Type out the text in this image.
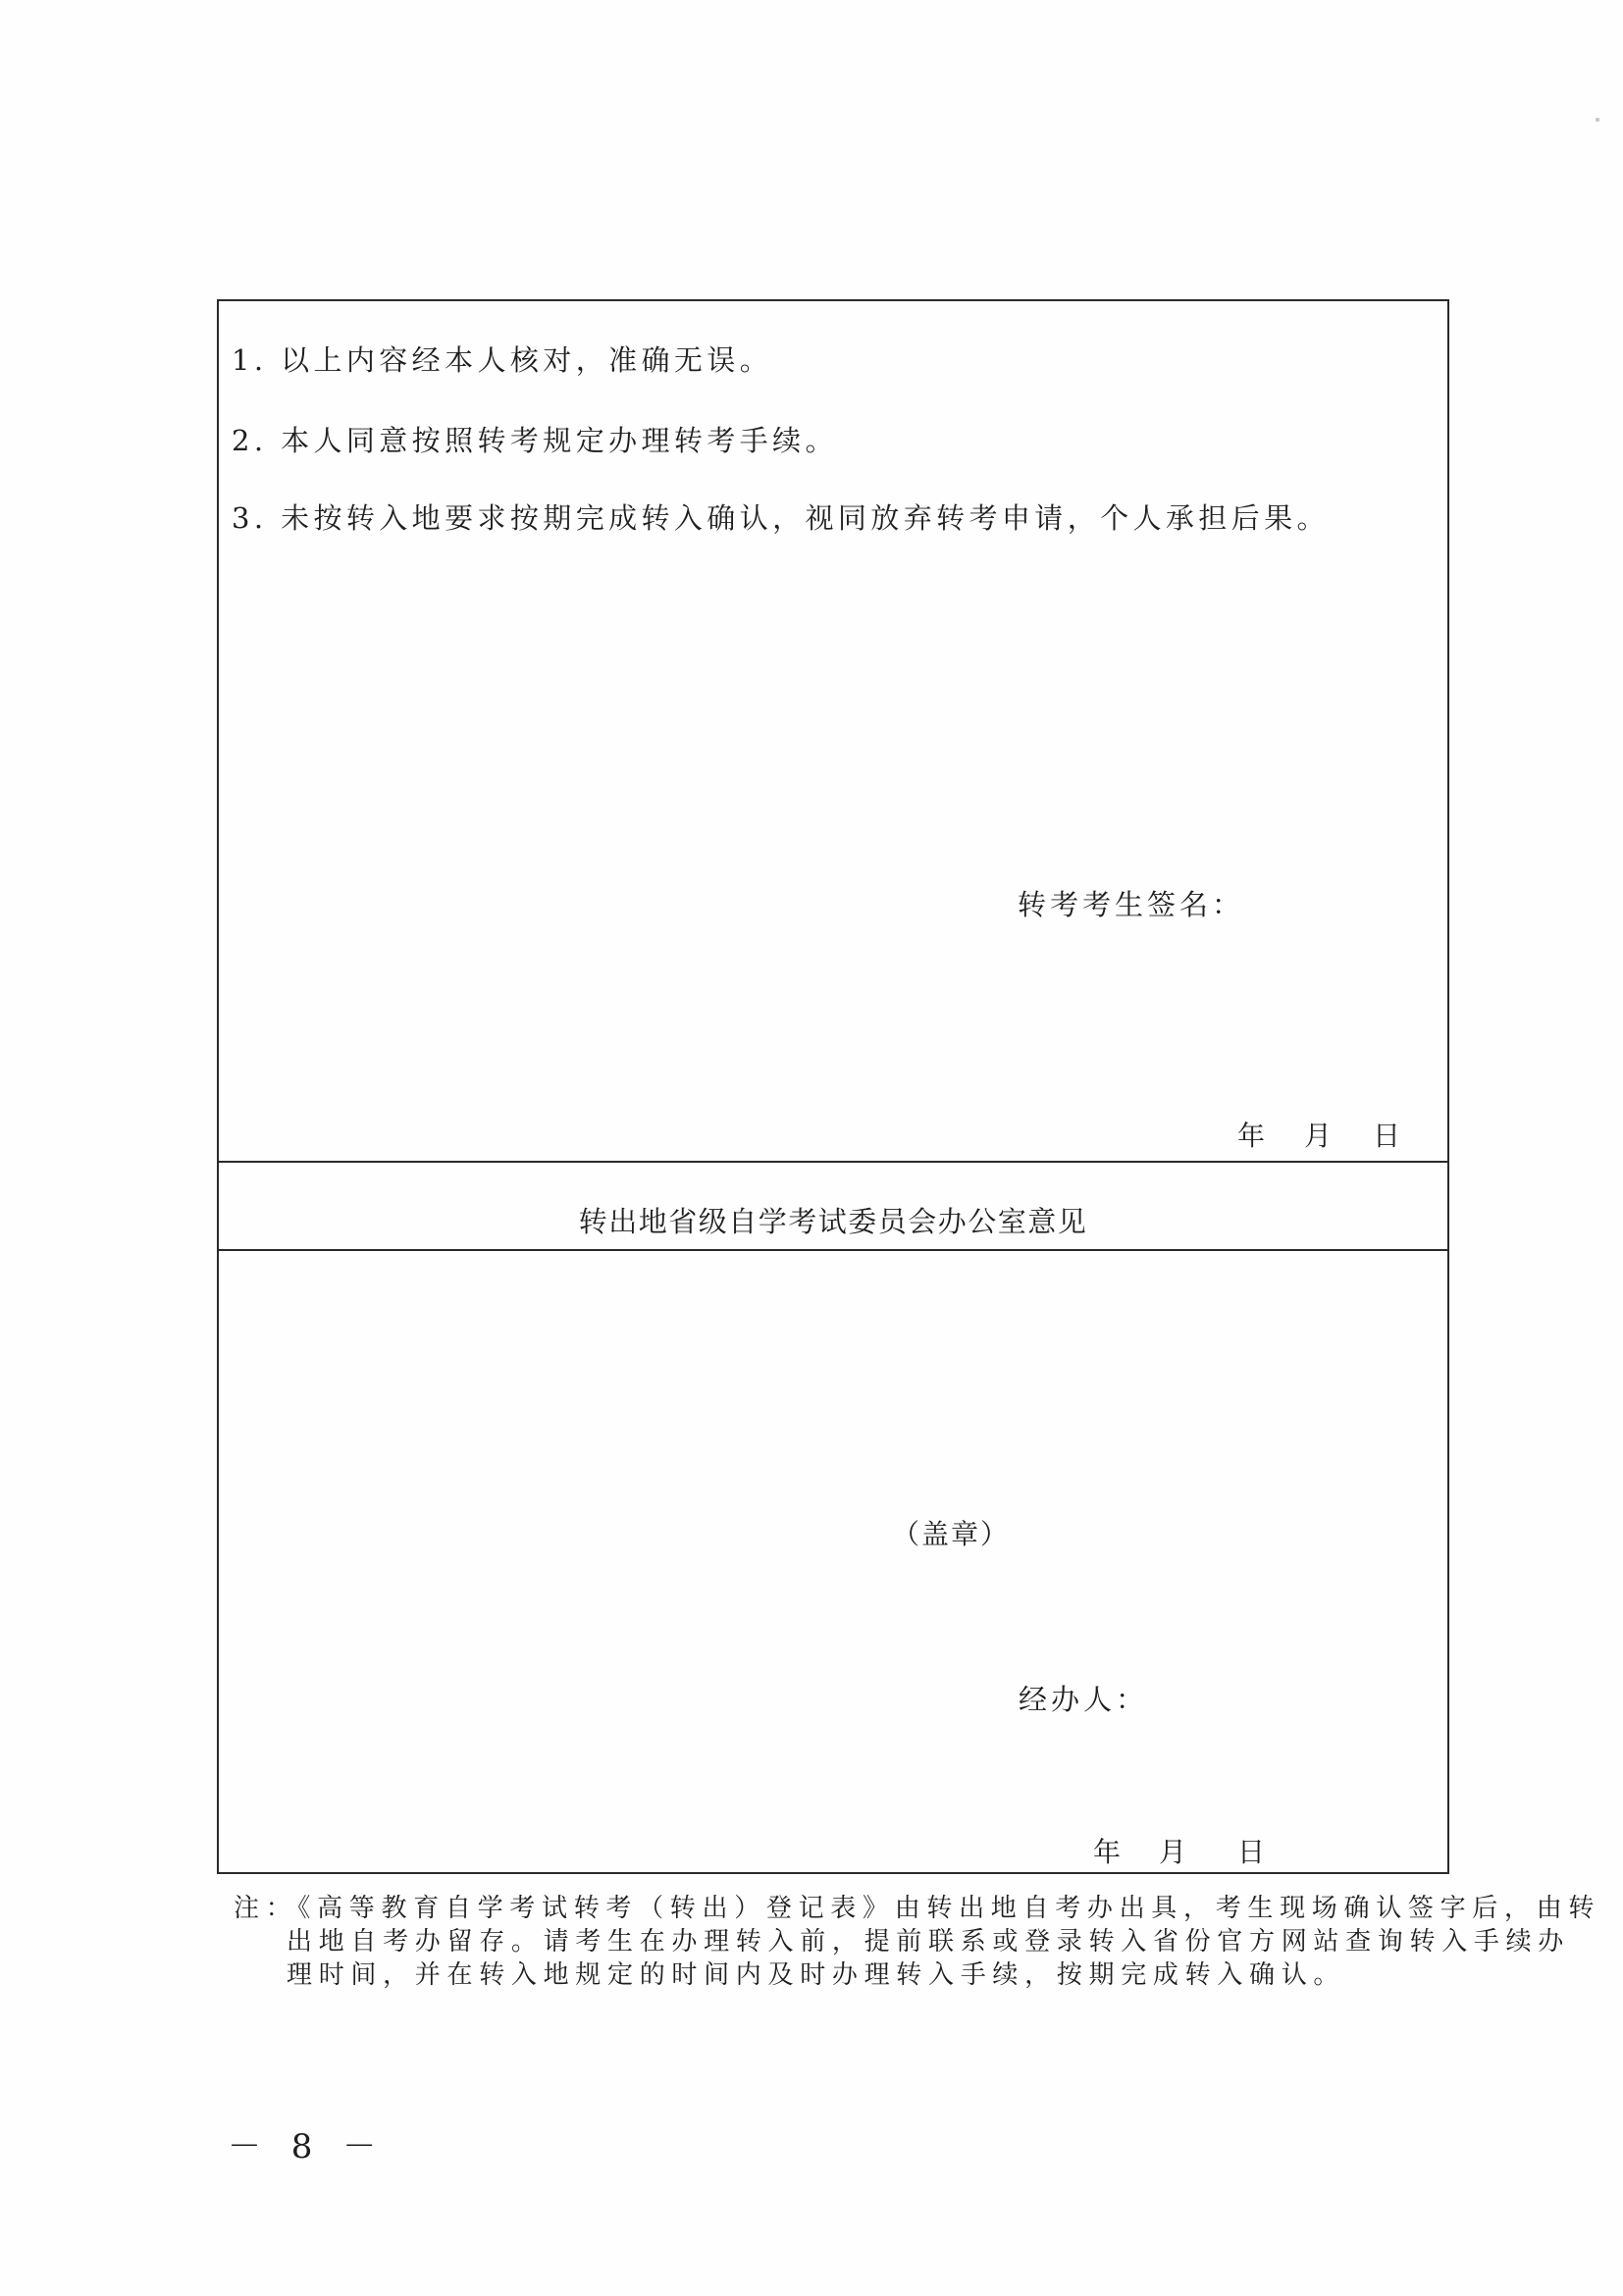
1. 以上内容经本人核对，准确无误。
2. 本人同意按照转考规定办理转考手续。
3. 未按转入地要求按期完成转入确认，视同放弃转考申请，个人承担后果。
转考考生签名：
年 月 日
转出地省级自学考试委员会办公室意见
（盖章）
经办人：
年 月 日
注：《高等教育自学考试转考（转出）登记表》由转出地自考办出具，考生现场确认签字后，由转
出地自考办留存。请考生在办理转入前，提前联系或登录转入省份官方网站查询转入手续办
理时间，并在转入地规定的时间内及时办理转入手续，按期完成转入确认。
－ 8 －
